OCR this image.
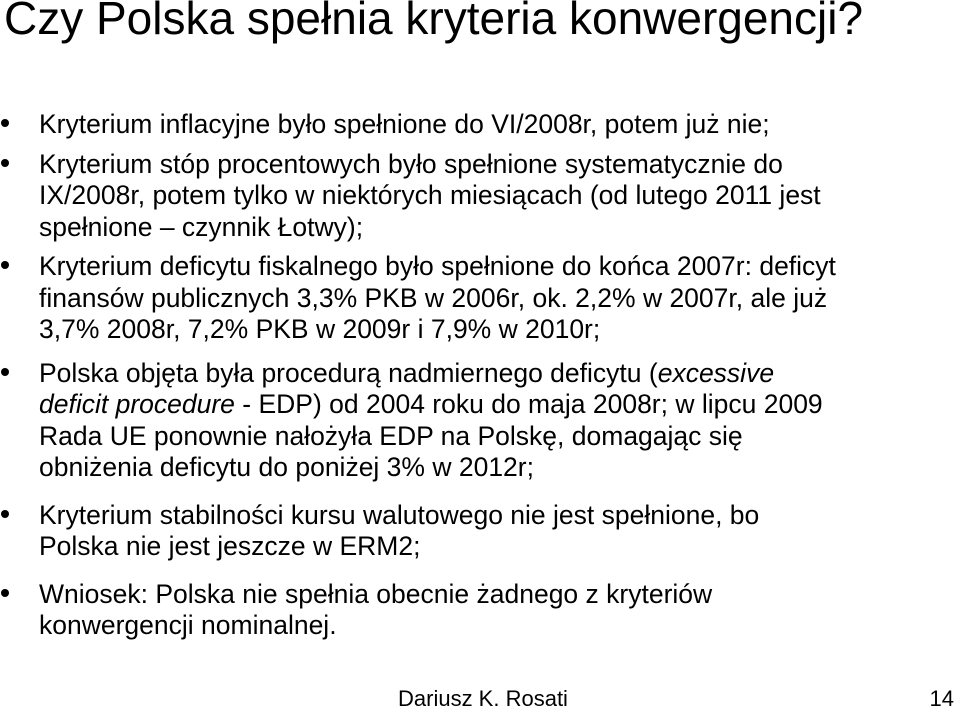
Czy Polska spełnia kryteria konwergencji?
Kryterium inflacyjne było spełnione do VI/2008r, potem już nie;
Kryterium stóp procentowych było spełnione systematycznie do
IX/2008r, potem tylko w niektórych miesiącach (od lutego 2011 jest
spełnione – czynnik Łotwy);
Kryterium deficytu fiskalnego było spełnione do końca 2007r: deficyt
finansów publicznych 3,3% PKB w 2006r, ok. 2,2% w 2007r, ale już
3,7% 2008r, 7,2% PKB w 2009r i 7,9% w 2010r;
Polska objęta była procedurą nadmiernego deficytu (excessive
deficit procedure - EDP) od 2004 roku do maja 2008r; w lipcu 2009
Rada UE ponownie nałożyła EDP na Polskę, domagając się
obniżenia deficytu do poniżej 3% w 2012r;
Kryterium stabilności kursu walutowego nie jest spełnione, bo
Polska nie jest jeszcze w ERM2;
Wniosek: Polska nie spełnia obecnie żadnego z kryteriów
konwergencji nominalnej.
Dariusz K. Rosati	14
